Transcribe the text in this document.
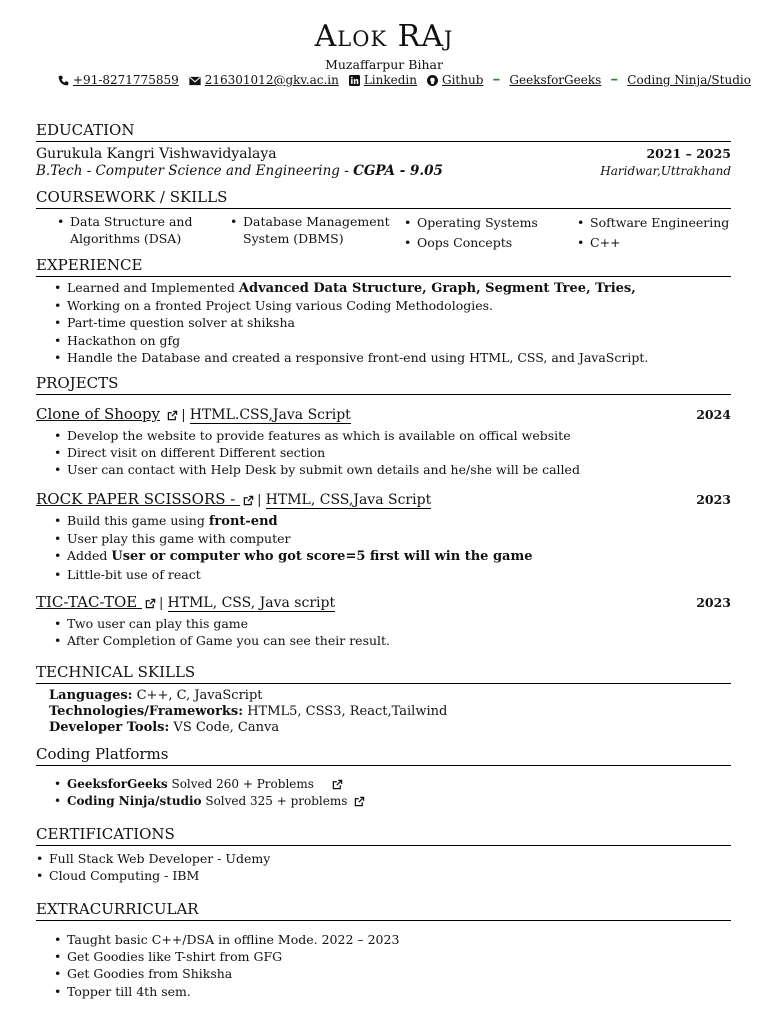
Alok RAj
Muzaffarpur Bihar
+91-8271775859 216301012@gkv.ac.in Linkedin Github ━ GeeksforGeeks ━ Coding Ninja/Studio
EDUCATION
Gurukula Kangri Vishwavidyalaya	2021 – 2025
B.Tech - Computer Science and Engineering - CGPA - 9.05	Haridwar,Uttrakhand
COURSEWORK / SKILLS
• Data Structure and Algorithms (DSA)
• Database Management System (DBMS)
• Operating Systems
• Oops Concepts
• Software Engineering
• C++
EXPERIENCE
• Learned and Implemented Advanced Data Structure, Graph, Segment Tree, Tries,
• Working on a fronted Project Using various Coding Methodologies.
• Part-time question solver at shiksha
• Hackathon on gfg
• Handle the Database and created a responsive front-end using HTML, CSS, and JavaScript.
PROJECTS
Clone of Shoopy | HTML.CSS,Java Script	2024
• Develop the website to provide features as which is available on offical website
• Direct visit on different Different section
• User can contact with Help Desk by submit own details and he/she will be called
ROCK PAPER SCISSORS - | HTML, CSS,Java Script	2023
• Build this game using front-end
• User play this game with computer
• Added User or computer who got score=5 first will win the game
• Little-bit use of react
TIC-TAC-TOE | HTML, CSS, Java script	2023
• Two user can play this game
• After Completion of Game you can see their result.
TECHNICAL SKILLS
Languages: C++, C, JavaScript
Technologies/Frameworks: HTML5, CSS3, React,Tailwind
Developer Tools: VS Code, Canva
Coding Platforms
• GeeksforGeeks Solved 260 + Problems
• Coding Ninja/studio Solved 325 + problems
CERTIFICATIONS
• Full Stack Web Developer - Udemy
• Cloud Computing - IBM
EXTRACURRICULAR
• Taught basic C++/DSA in offline Mode. 2022 – 2023
• Get Goodies like T-shirt from GFG
• Get Goodies from Shiksha
• Topper till 4th sem.
